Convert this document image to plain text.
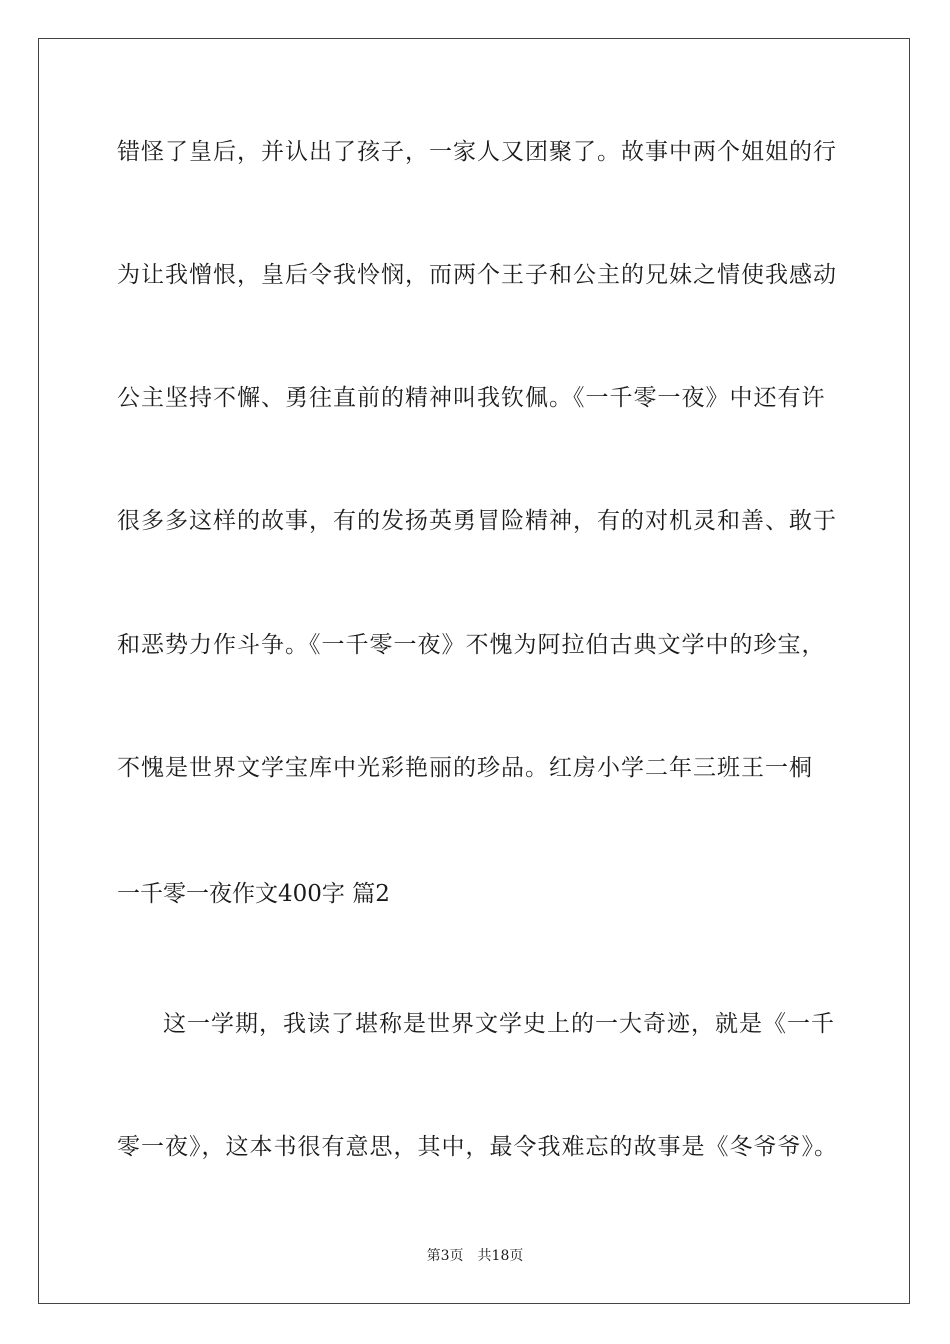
错怪了皇后，并认出了孩子，一家人又团聚了。故事中两个姐姐的行
为让我憎恨，皇后令我怜悯，而两个王子和公主的兄妹之情使我感动
公主坚持不懈、勇往直前的精神叫我钦佩。《一千零一夜》中还有许
很多多这样的故事，有的发扬英勇冒险精神，有的对机灵和善、敢于
和恶势力作斗争。《一千零一夜》不愧为阿拉伯古典文学中的珍宝，
不愧是世界文学宝库中光彩艳丽的珍品。红房小学二年三班王一桐
一千零一夜作文400字 篇2
这一学期，我读了堪称是世界文学史上的一大奇迹，就是《一千
零一夜》，这本书很有意思，其中，最令我难忘的故事是《冬爷爷》。
第3页　共18页
